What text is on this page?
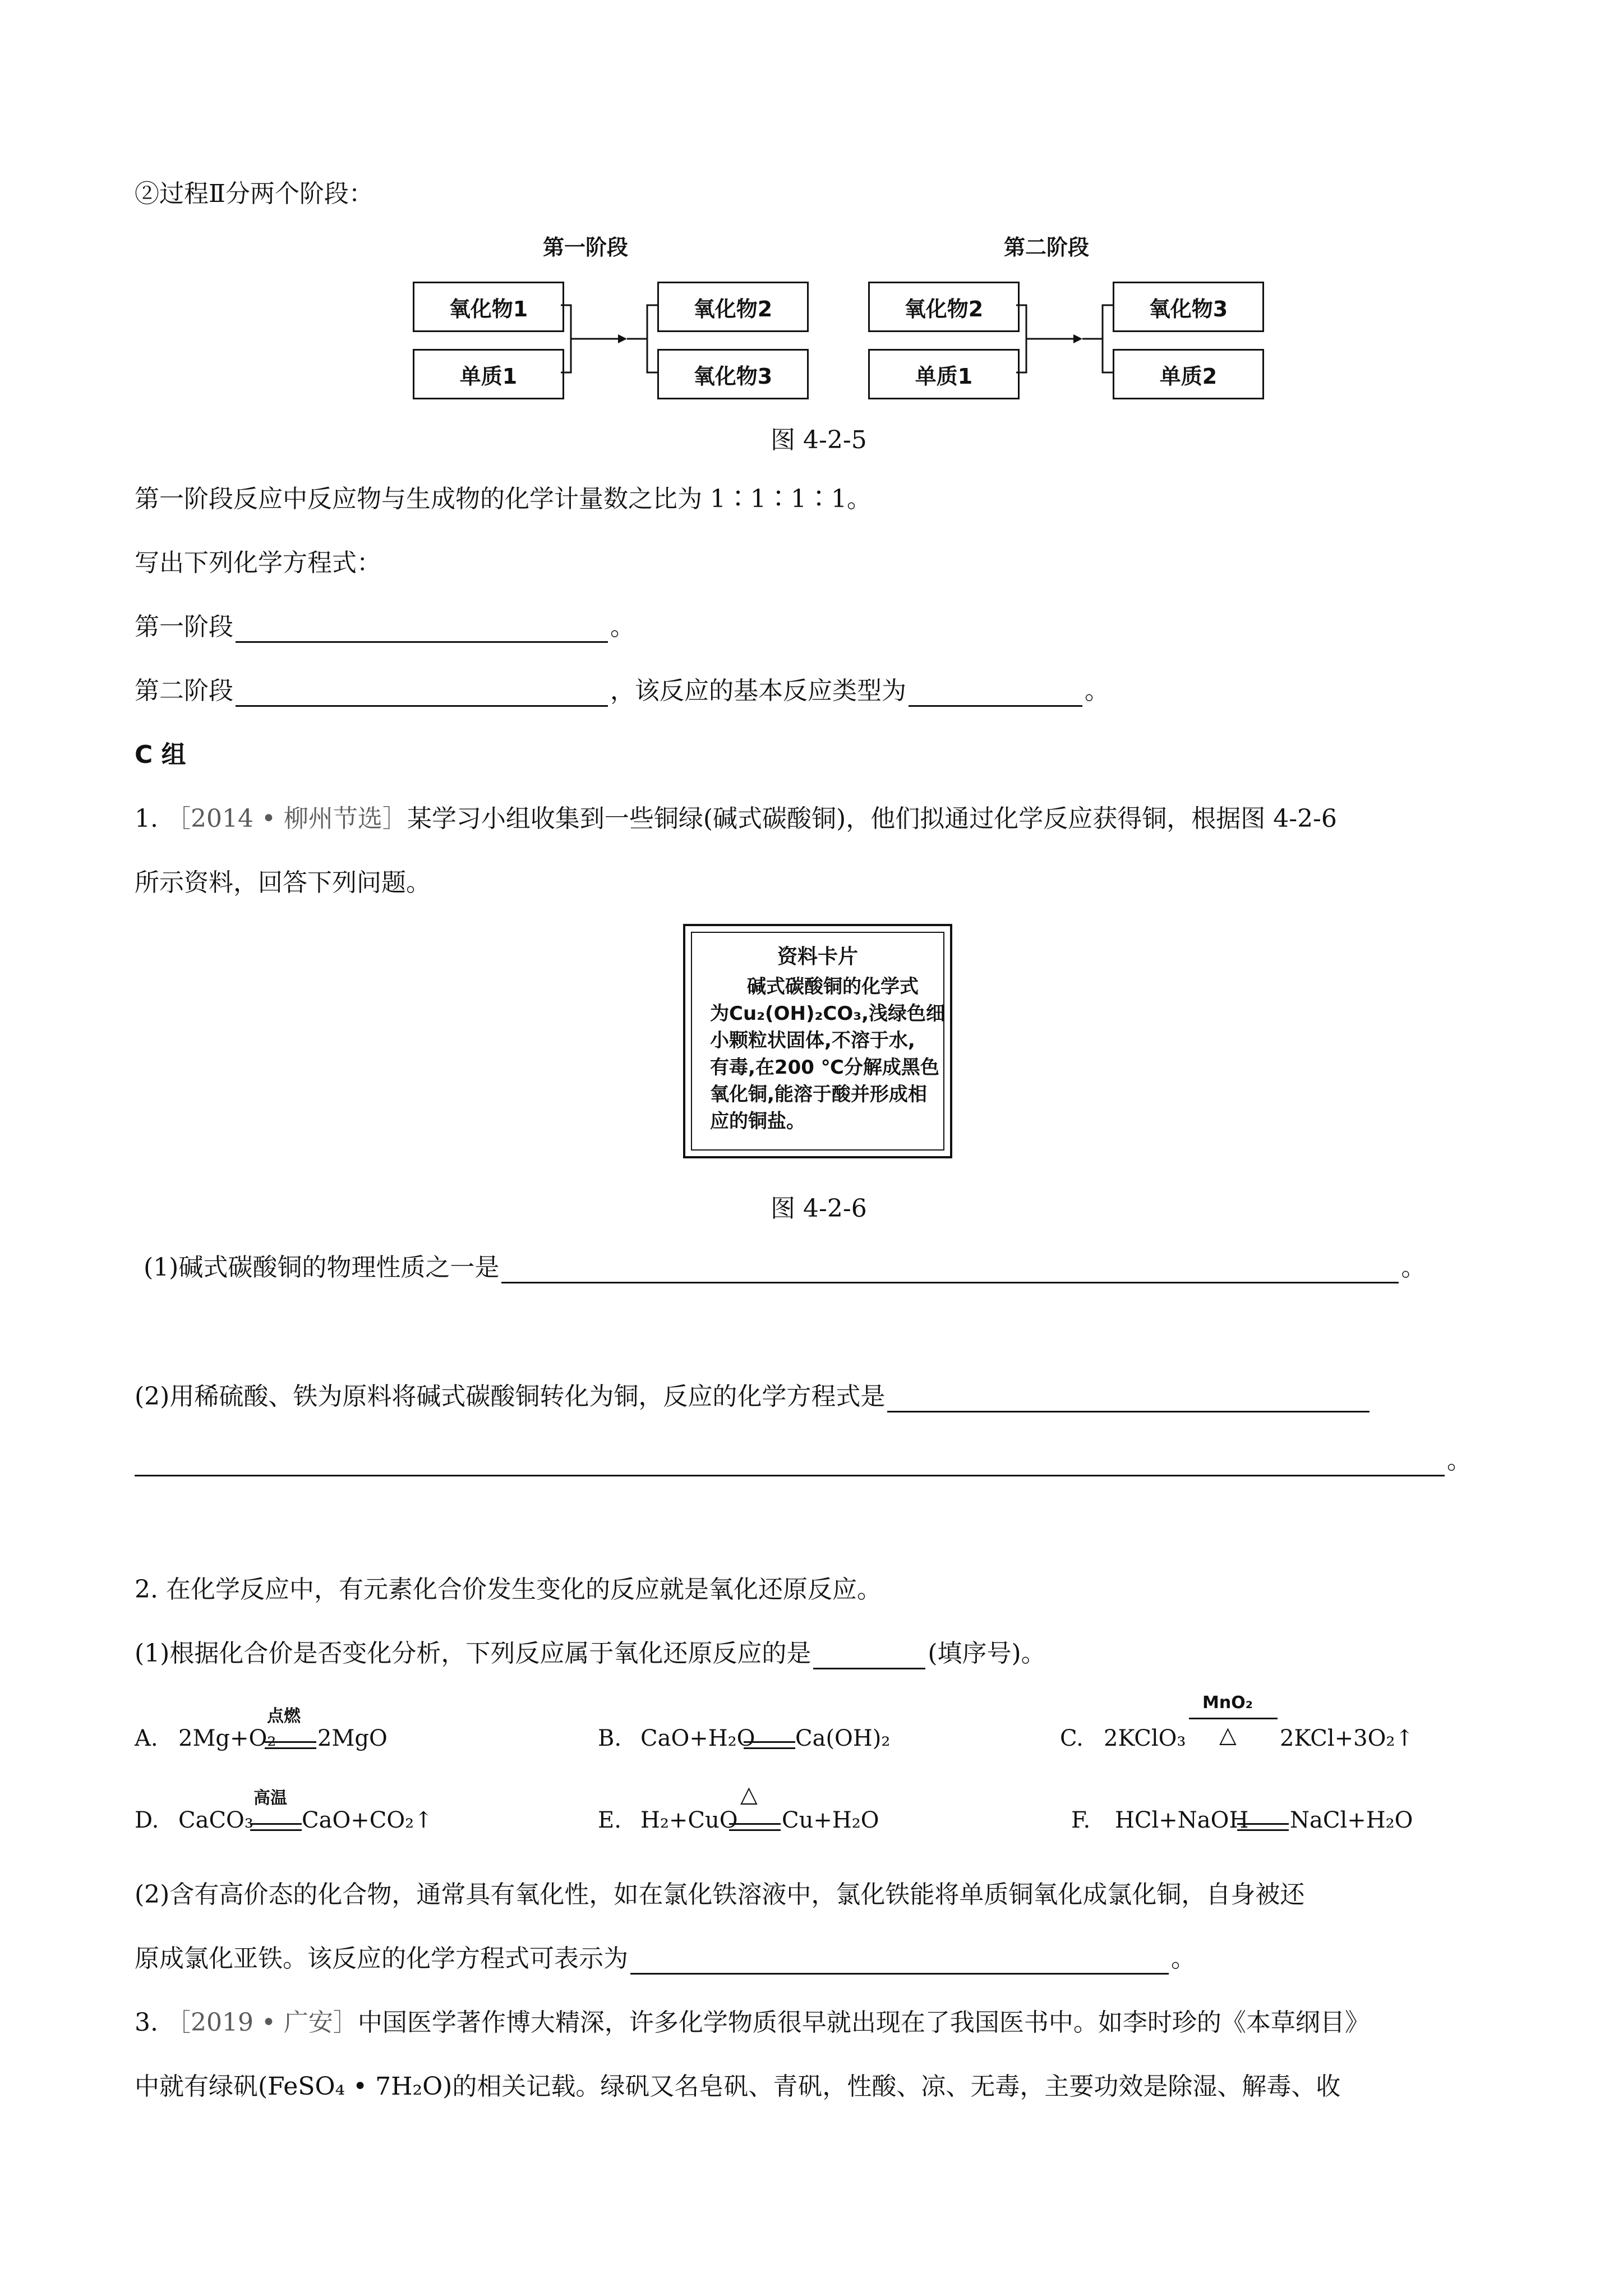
②过程Ⅱ分两个阶段：
第一阶段	第二阶段
氧化物1
单质1
氧化物2
氧化物3
氧化物2
单质1
氧化物3
单质2
图 4-2-5
第一阶段反应中反应物与生成物的化学计量数之比为 1∶1∶1∶1。
写出下列化学方程式：
第一阶段	。
第二阶段	，该反应的基本反应类型为	。
C 组
1. ［2014 • 柳州节选］某学习小组收集到一些铜绿(碱式碳酸铜)，他们拟通过化学反应获得铜，根据图 4-2-6
所示资料，回答下列问题。
资料卡片
碱式碳酸铜的化学式
为Cu₂(OH)₂CO₃,浅绿色细
小颗粒状固体,不溶于水,
有毒,在200 ℃分解成黑色
氧化铜,能溶于酸并形成相
应的铜盐。
图 4-2-6
(1)碱式碳酸铜的物理性质之一是	。
(2)用稀硫酸、铁为原料将碱式碳酸铜转化为铜，反应的化学方程式是
。
2. 在化学反应中，有元素化合价发生变化的反应就是氧化还原反应。
(1)根据化合价是否变化分析，下列反应属于氧化还原反应的是	(填序号)。
A. 2Mg+O₂
点燃
2MgO	B. CaO+H₂O Ca(OH)₂	C. 2KClO₃
MnO₂
△ 2KCl+3O₂↑
D. CaCO₃
高温
CaO+CO₂↑	E. H₂+CuO
△
Cu+H₂O	F. HCl+NaOH NaCl+H₂O
(2)含有高价态的化合物，通常具有氧化性，如在氯化铁溶液中，氯化铁能将单质铜氧化成氯化铜，自身被还
原成氯化亚铁。该反应的化学方程式可表示为	。
3. ［2019 • 广安］中国医学著作博大精深，许多化学物质很早就出现在了我国医书中。如李时珍的《本草纲目》
中就有绿矾(FeSO₄ • 7H₂O)的相关记载。绿矾又名皂矾、青矾，性酸、凉、无毒，主要功效是除湿、解毒、收
